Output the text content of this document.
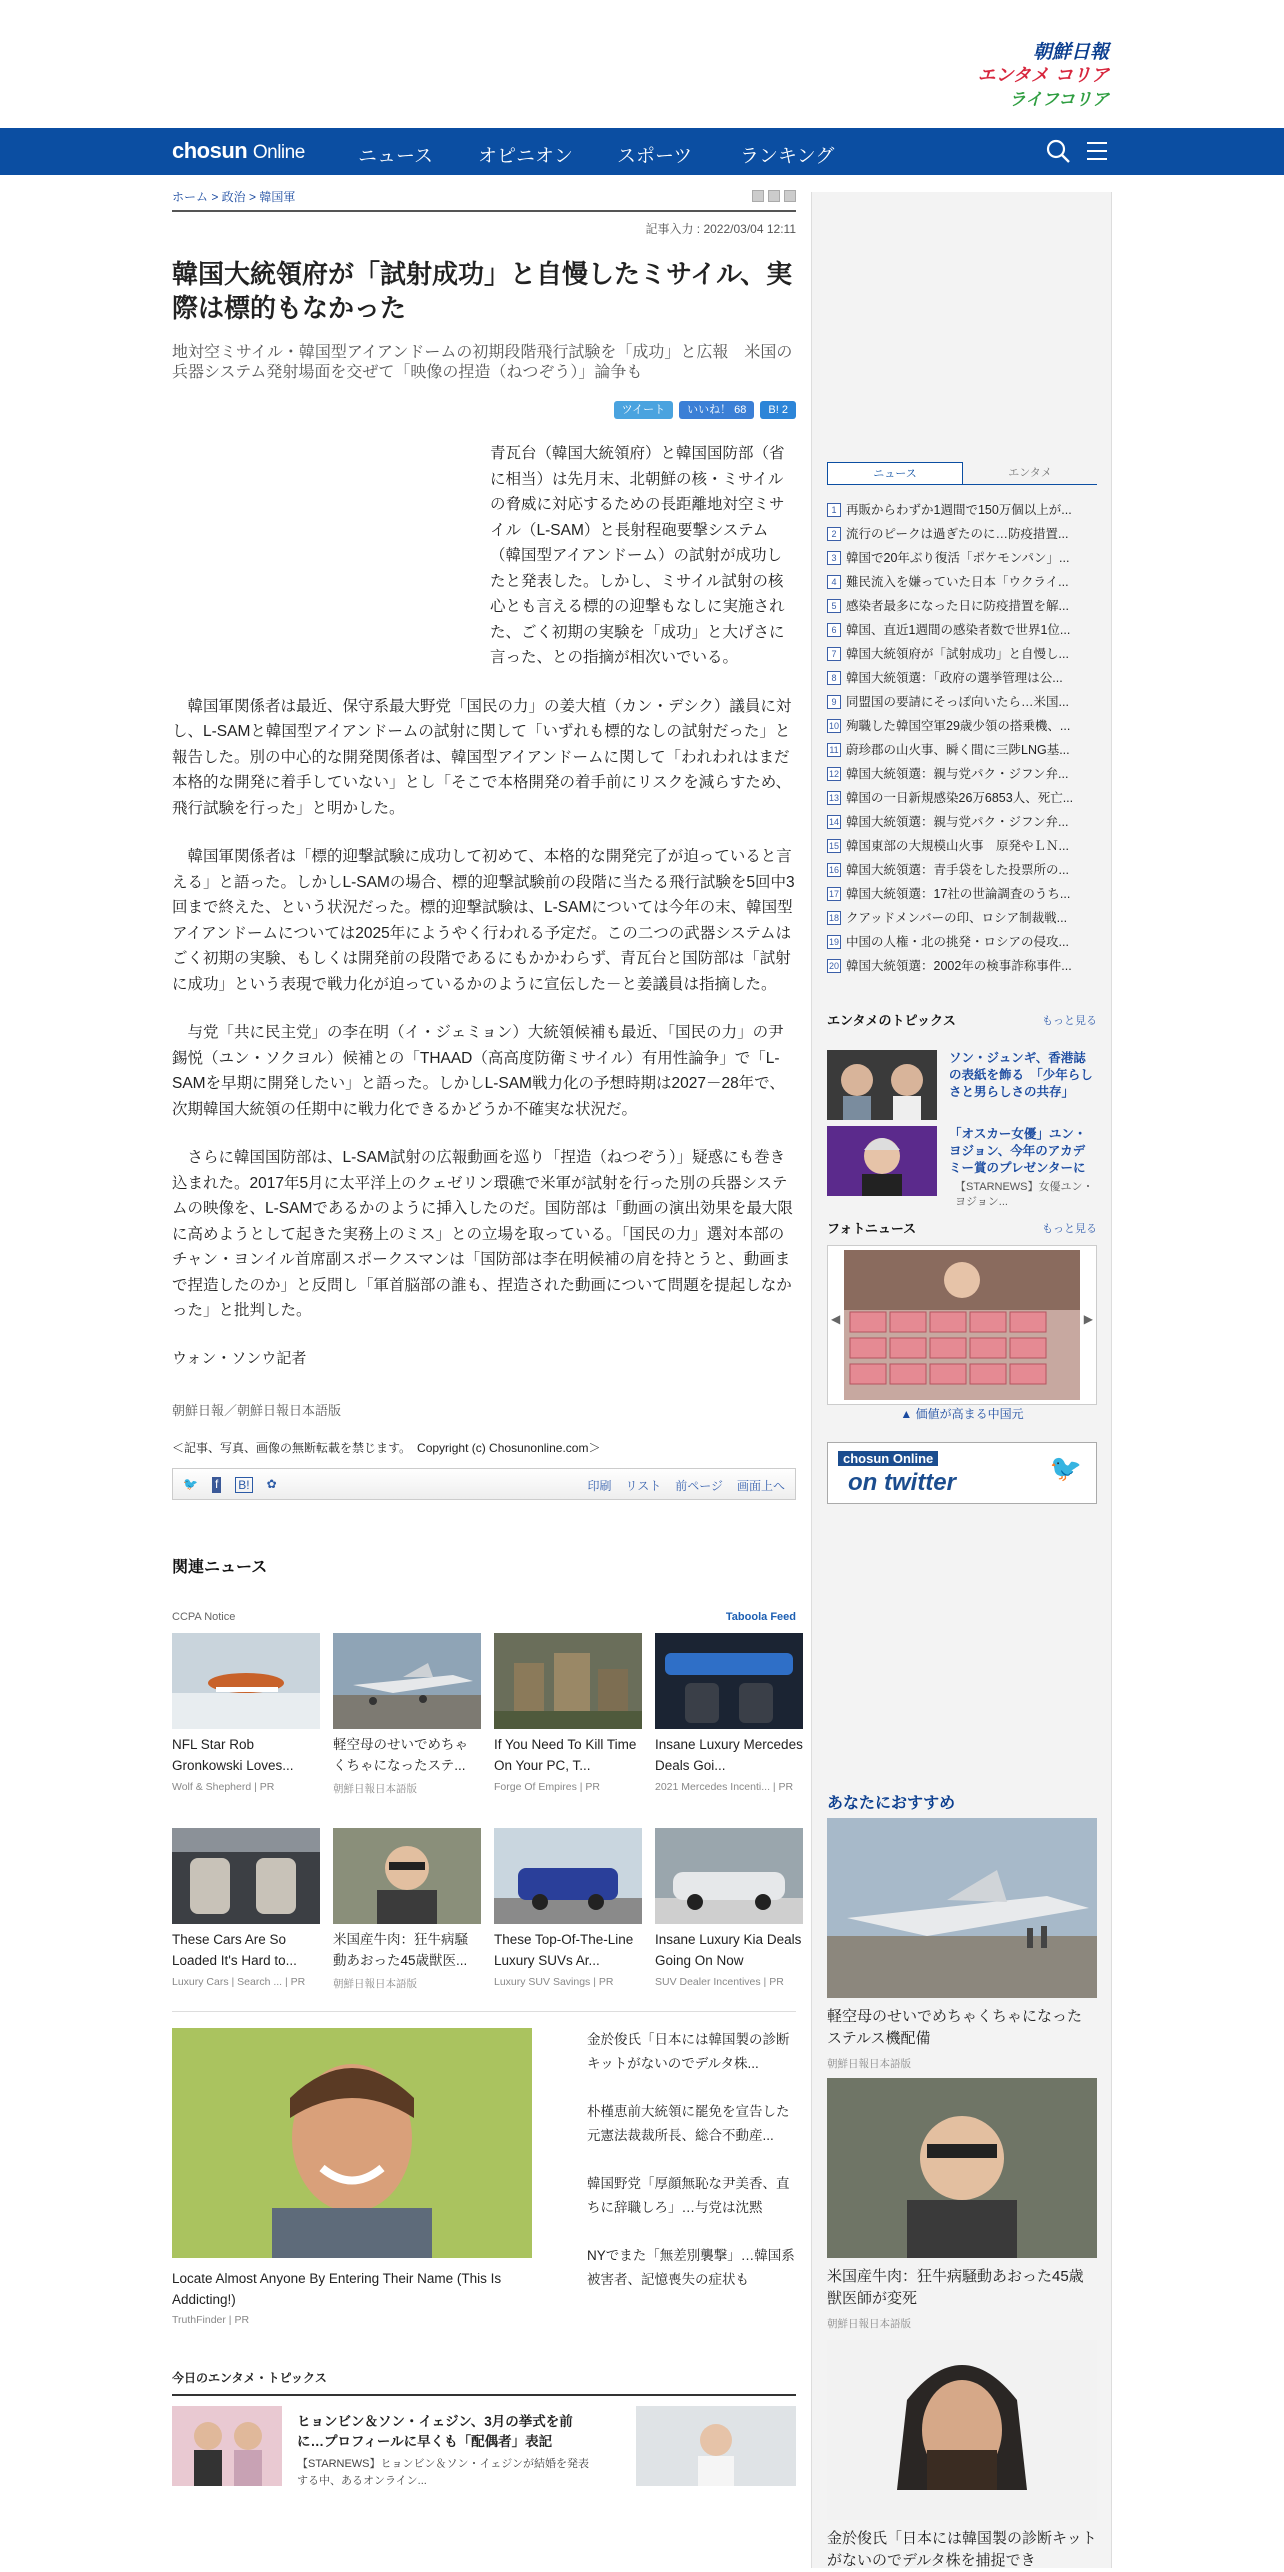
朝鮮日報
エンタメ コリア
ライフコリア
chosun Online	ニュース オピニオン スポーツ	ランキング
ホーム > 政治 > 韓国軍
記事入力 : 2022/03/04 12:11
韓国大統領府が「試射成功」と自慢したミサイル、実際は標的もなかった
地対空ミサイル・韓国型アイアンドームの初期段階飛行試験を「成功」と広報　米国の兵器システム発射場面を交ぜて「映像の捏造（ねつぞう）」論争も
ツイート	いいね！ 68	B! 2

青瓦台（韓国大統領府）と韓国国防部（省に相当）は先月末、北朝鮮の核・ミサイルの脅威に対応するための長距離地対空ミサイル（L-SAM）と長射程砲要撃システム（韓国型アイアンドーム）の試射が成功したと発表した。しかし、ミサイル試射の核心とも言える標的の迎撃もなしに実施された、ごく初期の実験を「成功」と大げさに言った、との指摘が相次いでいる。

韓国軍関係者は最近、保守系最大野党「国民の力」の姜大植（カン・デシク）議員に対し、L-SAMと韓国型アイアンドームの試射に関して「いずれも標的なしの試射だった」と報告した。別の中心的な開発関係者は、韓国型アイアンドームに関して「われわれはまだ本格的な開発に着手していない」とし「そこで本格開発の着手前にリスクを減らすため、飛行試験を行った」と明かした。

韓国軍関係者は「標的迎撃試験に成功して初めて、本格的な開発完了が迫っていると言える」と語った。しかしL-SAMの場合、標的迎撃試験前の段階に当たる飛行試験を5回中3回まで終えた、という状況だった。標的迎撃試験は、L-SAMについては今年の末、韓国型アイアンドームについては2025年にようやく行われる予定だ。この二つの武器システムはごく初期の実験、もしくは開発前の段階であるにもかかわらず、青瓦台と国防部は「試射に成功」という表現で戦力化が迫っているかのように宣伝した－と姜議員は指摘した。

与党「共に民主党」の李在明（イ・ジェミョン）大統領候補も最近、「国民の力」の尹錫悦（ユン・ソクヨル）候補との「THAAD（高高度防衛ミサイル）有用性論争」で「L-SAMを早期に開発したい」と語った。しかしL-SAM戦力化の予想時期は2027－28年で、次期韓国大統領の任期中に戦力化できるかどうか不確実な状況だ。

さらに韓国国防部は、L-SAM試射の広報動画を巡り「捏造（ねつぞう）」疑惑にも巻き込まれた。2017年5月に太平洋上のクェゼリン環礁で米軍が試射を行った別の兵器システムの映像を、L-SAMであるかのように挿入したのだ。国防部は「動画の演出効果を最大限に高めようとして起きた実務上のミス」との立場を取っている。「国民の力」選対本部のチャン・ヨンイル首席副スポークスマンは「国防部は李在明候補の肩を持とうと、動画まで捏造したのか」と反問し「軍首脳部の誰も、捏造された動画について問題を提起しなかった」と批判した。

ウォン・ソンウ記者
朝鮮日報／朝鮮日報日本語版
＜記事、写真、画像の無断転載を禁じます。　Copyright (c) Chosunonline.com＞
🐦 f B! ✿	印刷 リスト 前ページ 画面上へ
関連ニュース
CCPA Notice	Taboola Feed
NFL Star Rob Gronkowski Loves...
Wolf & Shepherd | PR
軽空母のせいでめちゃくちゃになったステ...
朝鮮日報日本語版
If You Need To Kill Time On Your PC, T...
Forge Of Empires | PR
Insane Luxury Mercedes Deals Goi...
2021 Mercedes Incenti... | PR
These Cars Are So Loaded It's Hard to...
Luxury Cars | Search ... | PR
米国産牛肉：狂牛病騒動あおった45歳獣医...
朝鮮日報日本語版
These Top-Of-The-Line Luxury SUVs Ar...
Luxury SUV Savings | PR
Insane Luxury Kia Deals Going On Now
SUV Dealer Incentives | PR
Locate Almost Anyone By Entering Their Name (This Is Addicting!)
TruthFinder | PR
金於俊氏「日本には韓国製の診断キットがないのでデルタ株...
朴槿恵前大統領に罷免を宣告した元憲法裁裁所長、総合不動産...
韓国野党「厚顔無恥な尹美香、直ちに辞職しろ」…与党は沈黙
NYでまた「無差別襲撃」…韓国系被害者、記憶喪失の症状も
今日のエンタメ・トピックス
ヒョンビン＆ソン・イェジン、3月の挙式を前に…プロフィールに早くも「配偶者」表記
【STARNEWS】ヒョンビン＆ソン・イェジンが結婚を発表する中、あるオンライン...
ニュース	エンタメ
1 再販からわずか1週間で150万個以上が...
2 流行のピークは過ぎたのに…防疫措置...
3 韓国で20年ぶり復活「ポケモンパン」...
4 難民流入を嫌っていた日本「ウクライ...
5 感染者最多になった日に防疫措置を解...
6 韓国、直近1週間の感染者数で世界1位...
7 韓国大統領府が「試射成功」と自慢し...
8 韓国大統領選：「政府の選挙管理は公...
9 同盟国の要請にそっぽ向いたら…米国...
10 殉職した韓国空軍29歳少領の搭乗機、...
11 蔚珍郡の山火事、瞬く間に三陟LNG基...
12 韓国大統領選：親与党パク・ジフン弁...
13 韓国の一日新規感染26万6853人、死亡...
14 韓国大統領選：親与党パク・ジフン弁...
15 韓国東部の大規模山火事　原発やＬＮ...
16 韓国大統領選：青手袋をした投票所の...
17 韓国大統領選：17社の世論調査のうち...
18 クアッドメンバーの印、ロシア制裁戦...
19 中国の人権・北の挑発・ロシアの侵攻...
20 韓国大統領選：2002年の検事詐称事件...
エンタメのトピックス	もっと見る
ソン・ジュンギ、香港誌の表紙を飾る　「少年らしさと男らしさの共存」
「オスカー女優」ユン・ヨジョン、今年のアカデミー賞のプレゼンターに
【STARNEWS】女優ユン・ヨジョン...
フォトニュース	もっと見る
◀	▶
▲ 価値が高まる中国元
chosun Online
on twitter	🐦
あなたにおすすめ
軽空母のせいでめちゃくちゃになったステルス機配備
朝鮮日報日本語版
米国産牛肉：狂牛病騒動あおった45歳獣医師が変死
朝鮮日報日本語版
金於俊氏「日本には韓国製の診断キットがないのでデルタ株を捕捉でき
